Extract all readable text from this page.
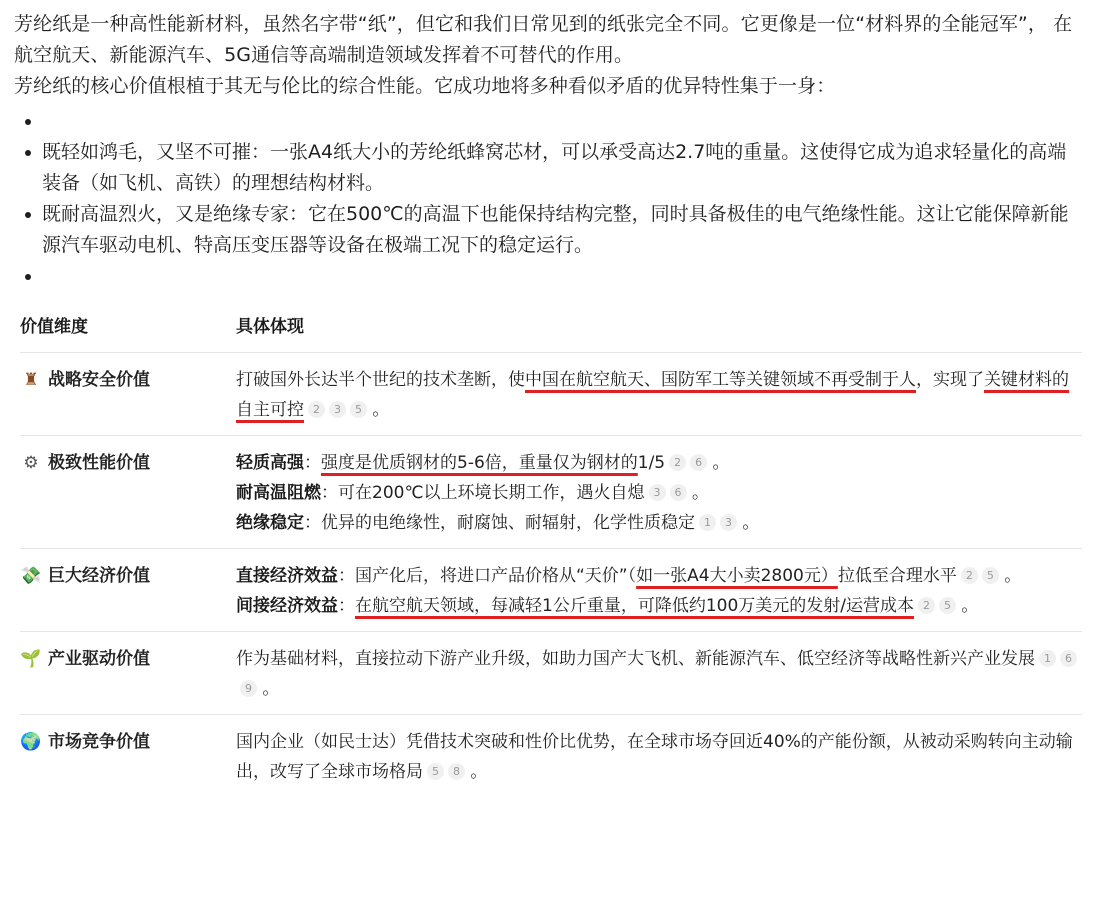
芳纶纸是一种高性能新材料，虽然名字带“纸”，但它和我们日常见到的纸张完全不同。它更像是一位“材料界的全能冠军”， 在航空航天、新能源汽车、5G通信等高端制造领域发挥着不可替代的作用。

芳纶纸的核心价值根植于其无与伦比的综合性能。它成功地将多种看似矛盾的优异特性集于一身：

既轻如鸿毛，又坚不可摧：一张A4纸大小的芳纶纸蜂窝芯材，可以承受高达2.7吨的重量。这使得它成为追求轻量化的高端装备（如飞机、高铁）的理想结构材料。
既耐高温烈火，又是绝缘专家：它在500℃的高温下也能保持结构完整，同时具备极佳的电气绝缘性能。这让它能保障新能源汽车驱动电机、特高压变压器等设备在极端工况下的稳定运行。
价值维度	具体体现
♜ 战略安全价值	打破国外长达半个世纪的技术垄断，使中国在航空航天、国防军工等关键领域不再受制于人，实现了关键材料的自主可控 2 3 5 。
⚙ 极致性能价值	轻质高强：强度是优质钢材的5-6倍，重量仅为钢材的1/5 2 6 。
耐高温阻燃：可在200℃以上环境长期工作，遇火自熄 3 6 。
绝缘稳定：优异的电绝缘性，耐腐蚀、耐辐射，化学性质稳定 1 3 。

💸 巨大经济价值	直接经济效益：国产化后，将进口产品价格从“天价”（如一张A4大小卖2800元）拉低至合理水平 2 5 。
间接经济效益：在航空航天领域，每减轻1公斤重量，可降低约100万美元的发射/运营成本 2 5 。

🌱 产业驱动价值	作为基础材料，直接拉动下游产业升级，如助力国产大飞机、新能源汽车、低空经济等战略性新兴产业发展 1 69 。
🌍 市场竞争价值	国内企业（如民士达）凭借技术突破和性价比优势，在全球市场夺回近40%的产能份额，从被动采购转向主动输出，改写了全球市场格局 5 8 。
